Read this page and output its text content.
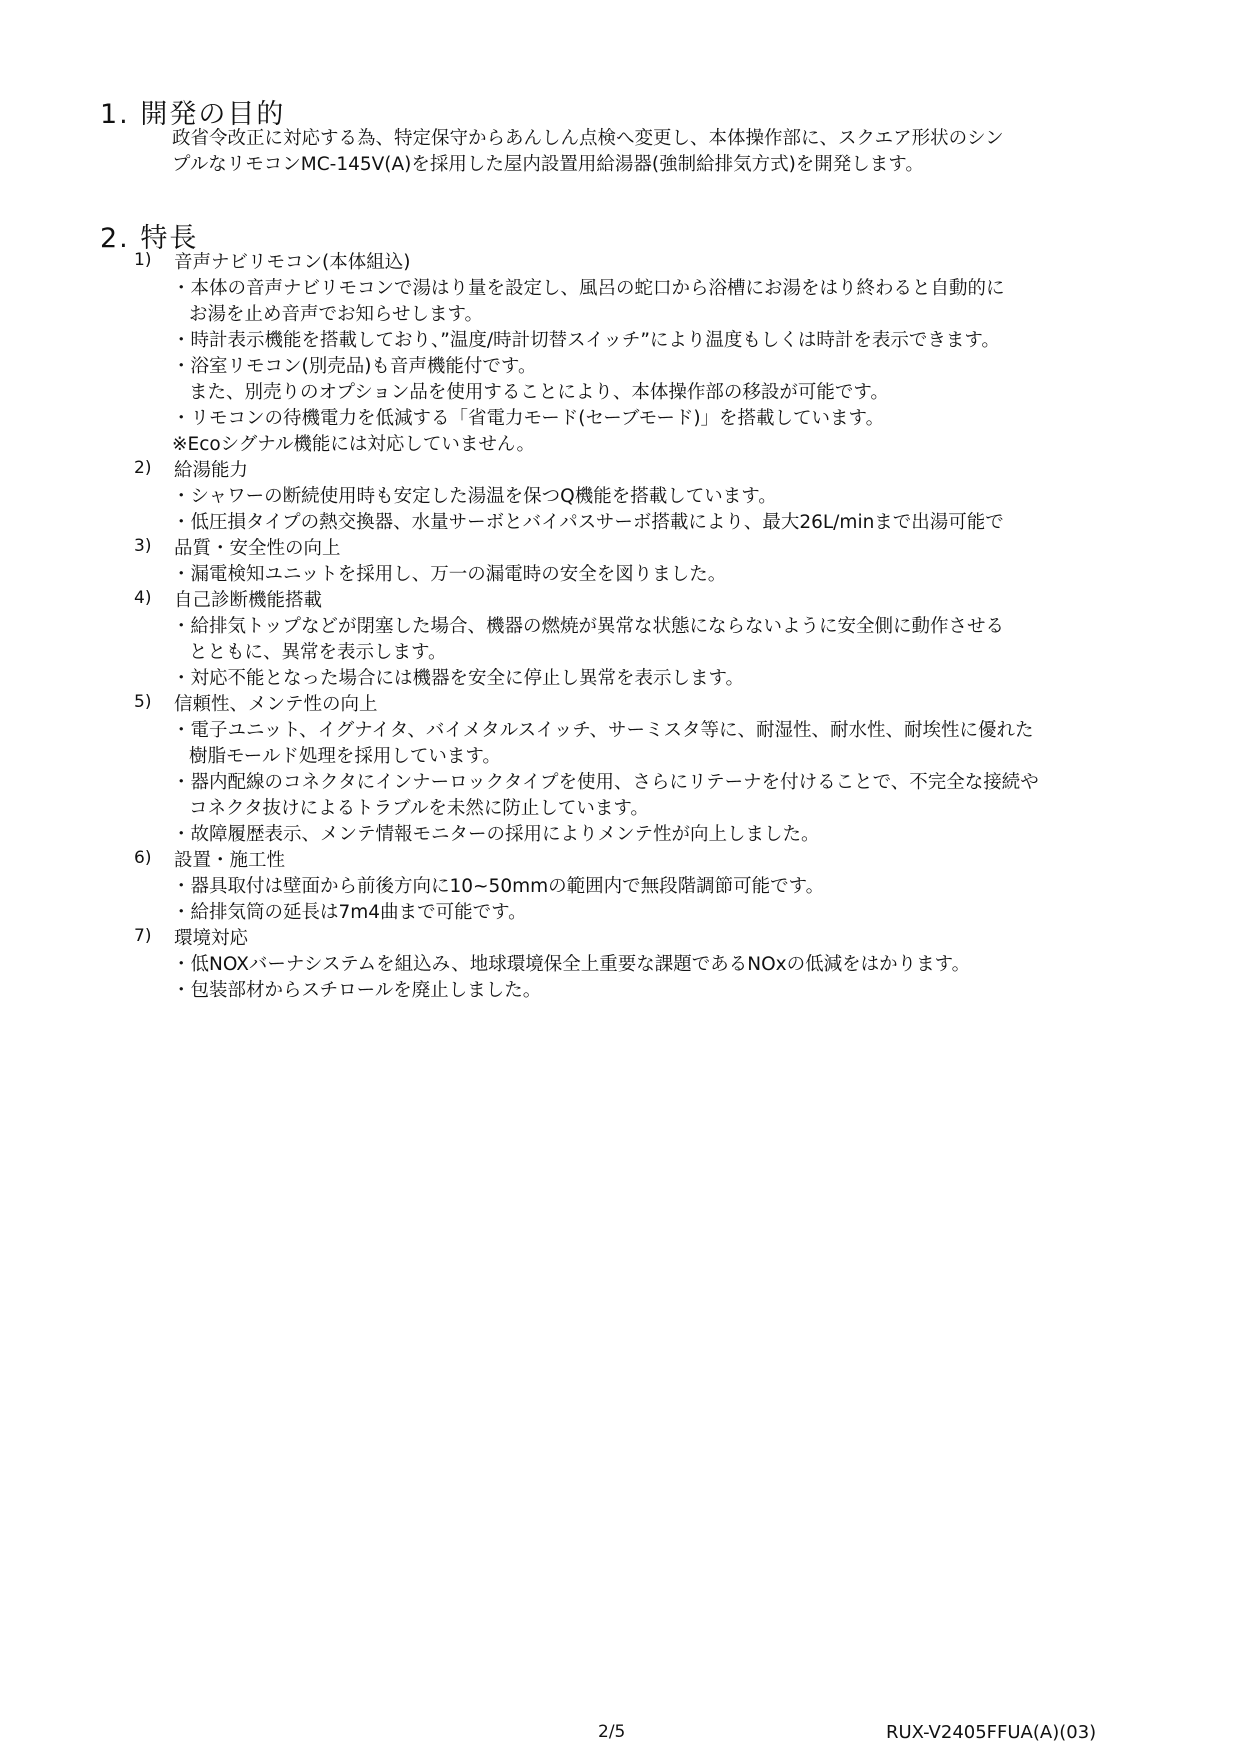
1. 開発の目的
政省令改正に対応する為、特定保守からあんしん点検へ変更し、本体操作部に、スクエア形状のシン
プルなリモコンMC-145V(A)を採用した屋内設置用給湯器(強制給排気方式)を開発します。
2. 特長
1) 音声ナビリモコン(本体組込)
・本体の音声ナビリモコンで湯はり量を設定し、風呂の蛇口から浴槽にお湯をはり終わると自動的に
お湯を止め音声でお知らせします。
・時計表示機能を搭載しており、”温度/時計切替スイッチ”により温度もしくは時計を表示できます。
・浴室リモコン(別売品)も音声機能付です。
また、別売りのオプション品を使用することにより、本体操作部の移設が可能です。
・リモコンの待機電力を低減する「省電力モード(セーブモード)」を搭載しています。
※Ecoシグナル機能には対応していません。
2) 給湯能力
・シャワーの断続使用時も安定した湯温を保つQ機能を搭載しています。
・低圧損タイプの熱交換器、水量サーボとバイパスサーボ搭載により、最大26L/minまで出湯可能で
3) 品質・安全性の向上
・漏電検知ユニットを採用し、万一の漏電時の安全を図りました。
4) 自己診断機能搭載
・給排気トップなどが閉塞した場合、機器の燃焼が異常な状態にならないように安全側に動作させる
とともに、異常を表示します。
・対応不能となった場合には機器を安全に停止し異常を表示します。
5) 信頼性、メンテ性の向上
・電子ユニット、イグナイタ、バイメタルスイッチ、サーミスタ等に、耐湿性、耐水性、耐埃性に優れた
樹脂モールド処理を採用しています。
・器内配線のコネクタにインナーロックタイプを使用、さらにリテーナを付けることで、不完全な接続や
コネクタ抜けによるトラブルを未然に防止しています。
・故障履歴表示、メンテ情報モニターの採用によりメンテ性が向上しました。
6) 設置・施工性
・器具取付は壁面から前後方向に10~50mmの範囲内で無段階調節可能です。
・給排気筒の延長は7m4曲まで可能です。
7) 環境対応
・低NOXバーナシステムを組込み、地球環境保全上重要な課題であるNOxの低減をはかります。
・包装部材からスチロールを廃止しました。
2/5	RUX-V2405FFUA(A)(03)
